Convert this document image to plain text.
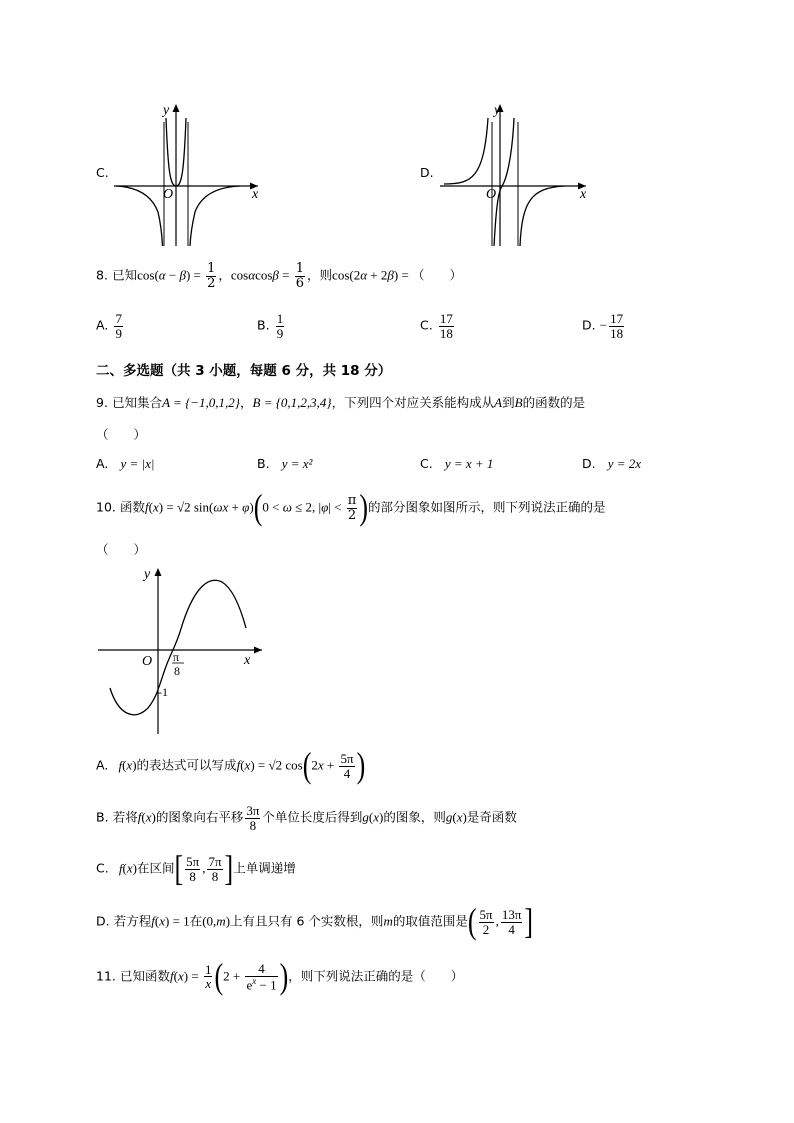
C.
x
y
O
D.
x
y
O
8. 已知$\cos(\alpha - \beta) = \frac{1}{2}$ ，$\cos\alpha\cos\beta = \frac{1}{6}$ ，则cos(2α + 2β) = （　　）
A. $\frac{7}{9}$	B. $\frac{1}{9}$	C. $\frac{17}{18}$	D. − $\frac{17}{18}$
二、多选题（共 3 小题，每题 6 分，共 18 分）
9. 已知集合A = {−1,0,1,2}，B = {0,1,2,3,4}，下列四个对应关系能构成从A到B的函数的是
（　　）
A. y = |x|	B. y = x²	C. y = x + 1	D. y = 2x
10. 函数f(x) = √2 sin(ωx + φ)(0 < ω ≤ 2, $|\varphi| < \frac{\pi}{2}$ )的部分图象如图所示，则下列说法正确的是
（　　）
x
y
O π
8
-1
A. f(x)的表达式可以写成f(x) = √2 $\cos(2x + \frac{5\pi}{4}$ )
B. 若将f(x)的图象向右平移 $\frac{3\pi}{8}$ 个单位长度后得到g(x)的图象，则g(x)是奇函数
C. f(x)在区间[ $\frac{5\pi}{8}$ , $\frac{7\pi}{8}$ ]上单调递增
D. 若方程f(x) = 1在(0,m)上有且只有 6 个实数根，则m的取值范围是( $\frac{5\pi}{2}$ , $\frac{13\pi}{4}$ ]
11. 已知函数$f(x) = \frac{1}{x} (2 + \frac{4}{e^x - 1}$ )，则下列说法正确的是（　　）
